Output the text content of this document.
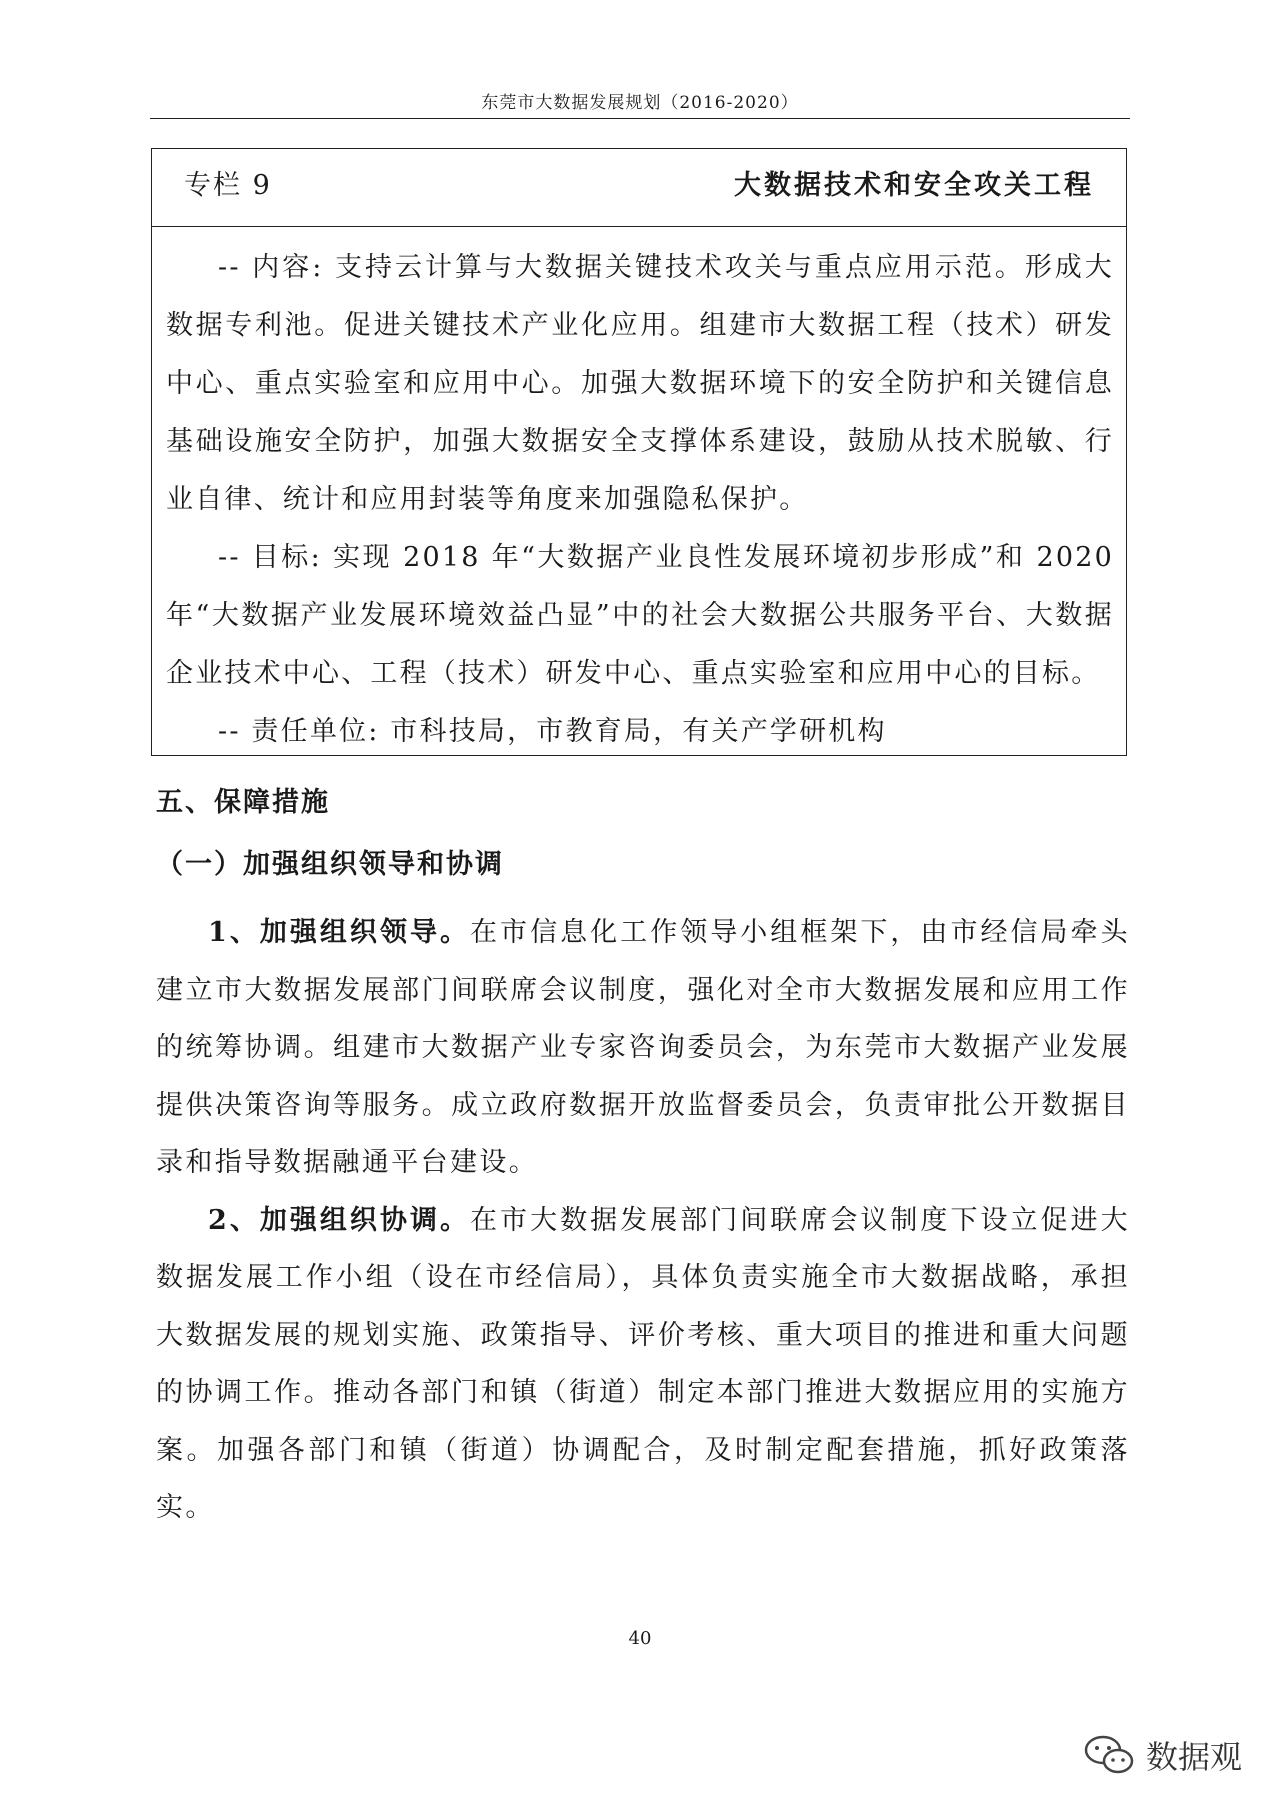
东莞市大数据发展规划（2016-2020）
专栏 9	大数据技术和安全攻关工程

-- 内容: 支持云计算与大数据关键技术攻关与重点应用示范。形成大数据专利池。促进关键技术产业化应用。组建市大数据工程（技术）研发中心、重点实验室和应用中心。加强大数据环境下的安全防护和关键信息基础设施安全防护，加强大数据安全支撑体系建设，鼓励从技术脱敏、行业自律、统计和应用封装等角度来加强隐私保护。

-- 目标: 实现 2018 年“大数据产业良性发展环境初步形成”和 2020 年“大数据产业发展环境效益凸显”中的社会大数据公共服务平台、大数据企业技术中心、工程（技术）研发中心、重点实验室和应用中心的目标。

-- 责任单位: 市科技局，市教育局，有关产学研机构

五、保障措施
（一）加强组织领导和协调

1、加强组织领导。在市信息化工作领导小组框架下，由市经信局牵头建立市大数据发展部门间联席会议制度，强化对全市大数据发展和应用工作的统筹协调。组建市大数据产业专家咨询委员会，为东莞市大数据产业发展提供决策咨询等服务。成立政府数据开放监督委员会，负责审批公开数据目录和指导数据融通平台建设。

2、加强组织协调。在市大数据发展部门间联席会议制度下设立促进大数据发展工作小组（设在市经信局），具体负责实施全市大数据战略，承担大数据发展的规划实施、政策指导、评价考核、重大项目的推进和重大问题的协调工作。推动各部门和镇（街道）制定本部门推进大数据应用的实施方案。加强各部门和镇（街道）协调配合，及时制定配套措施，抓好政策落实。

40
数据观
